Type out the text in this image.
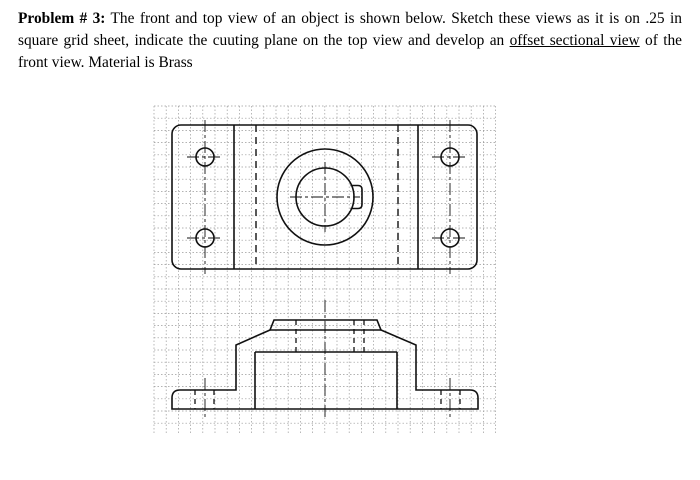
Problem # 3: The front and top view of an object is shown below. Sketch these views as it is on .25 in square grid sheet, indicate the cuuting plane on the top view and develop an offset sectional view of the front view. Material is Brass
